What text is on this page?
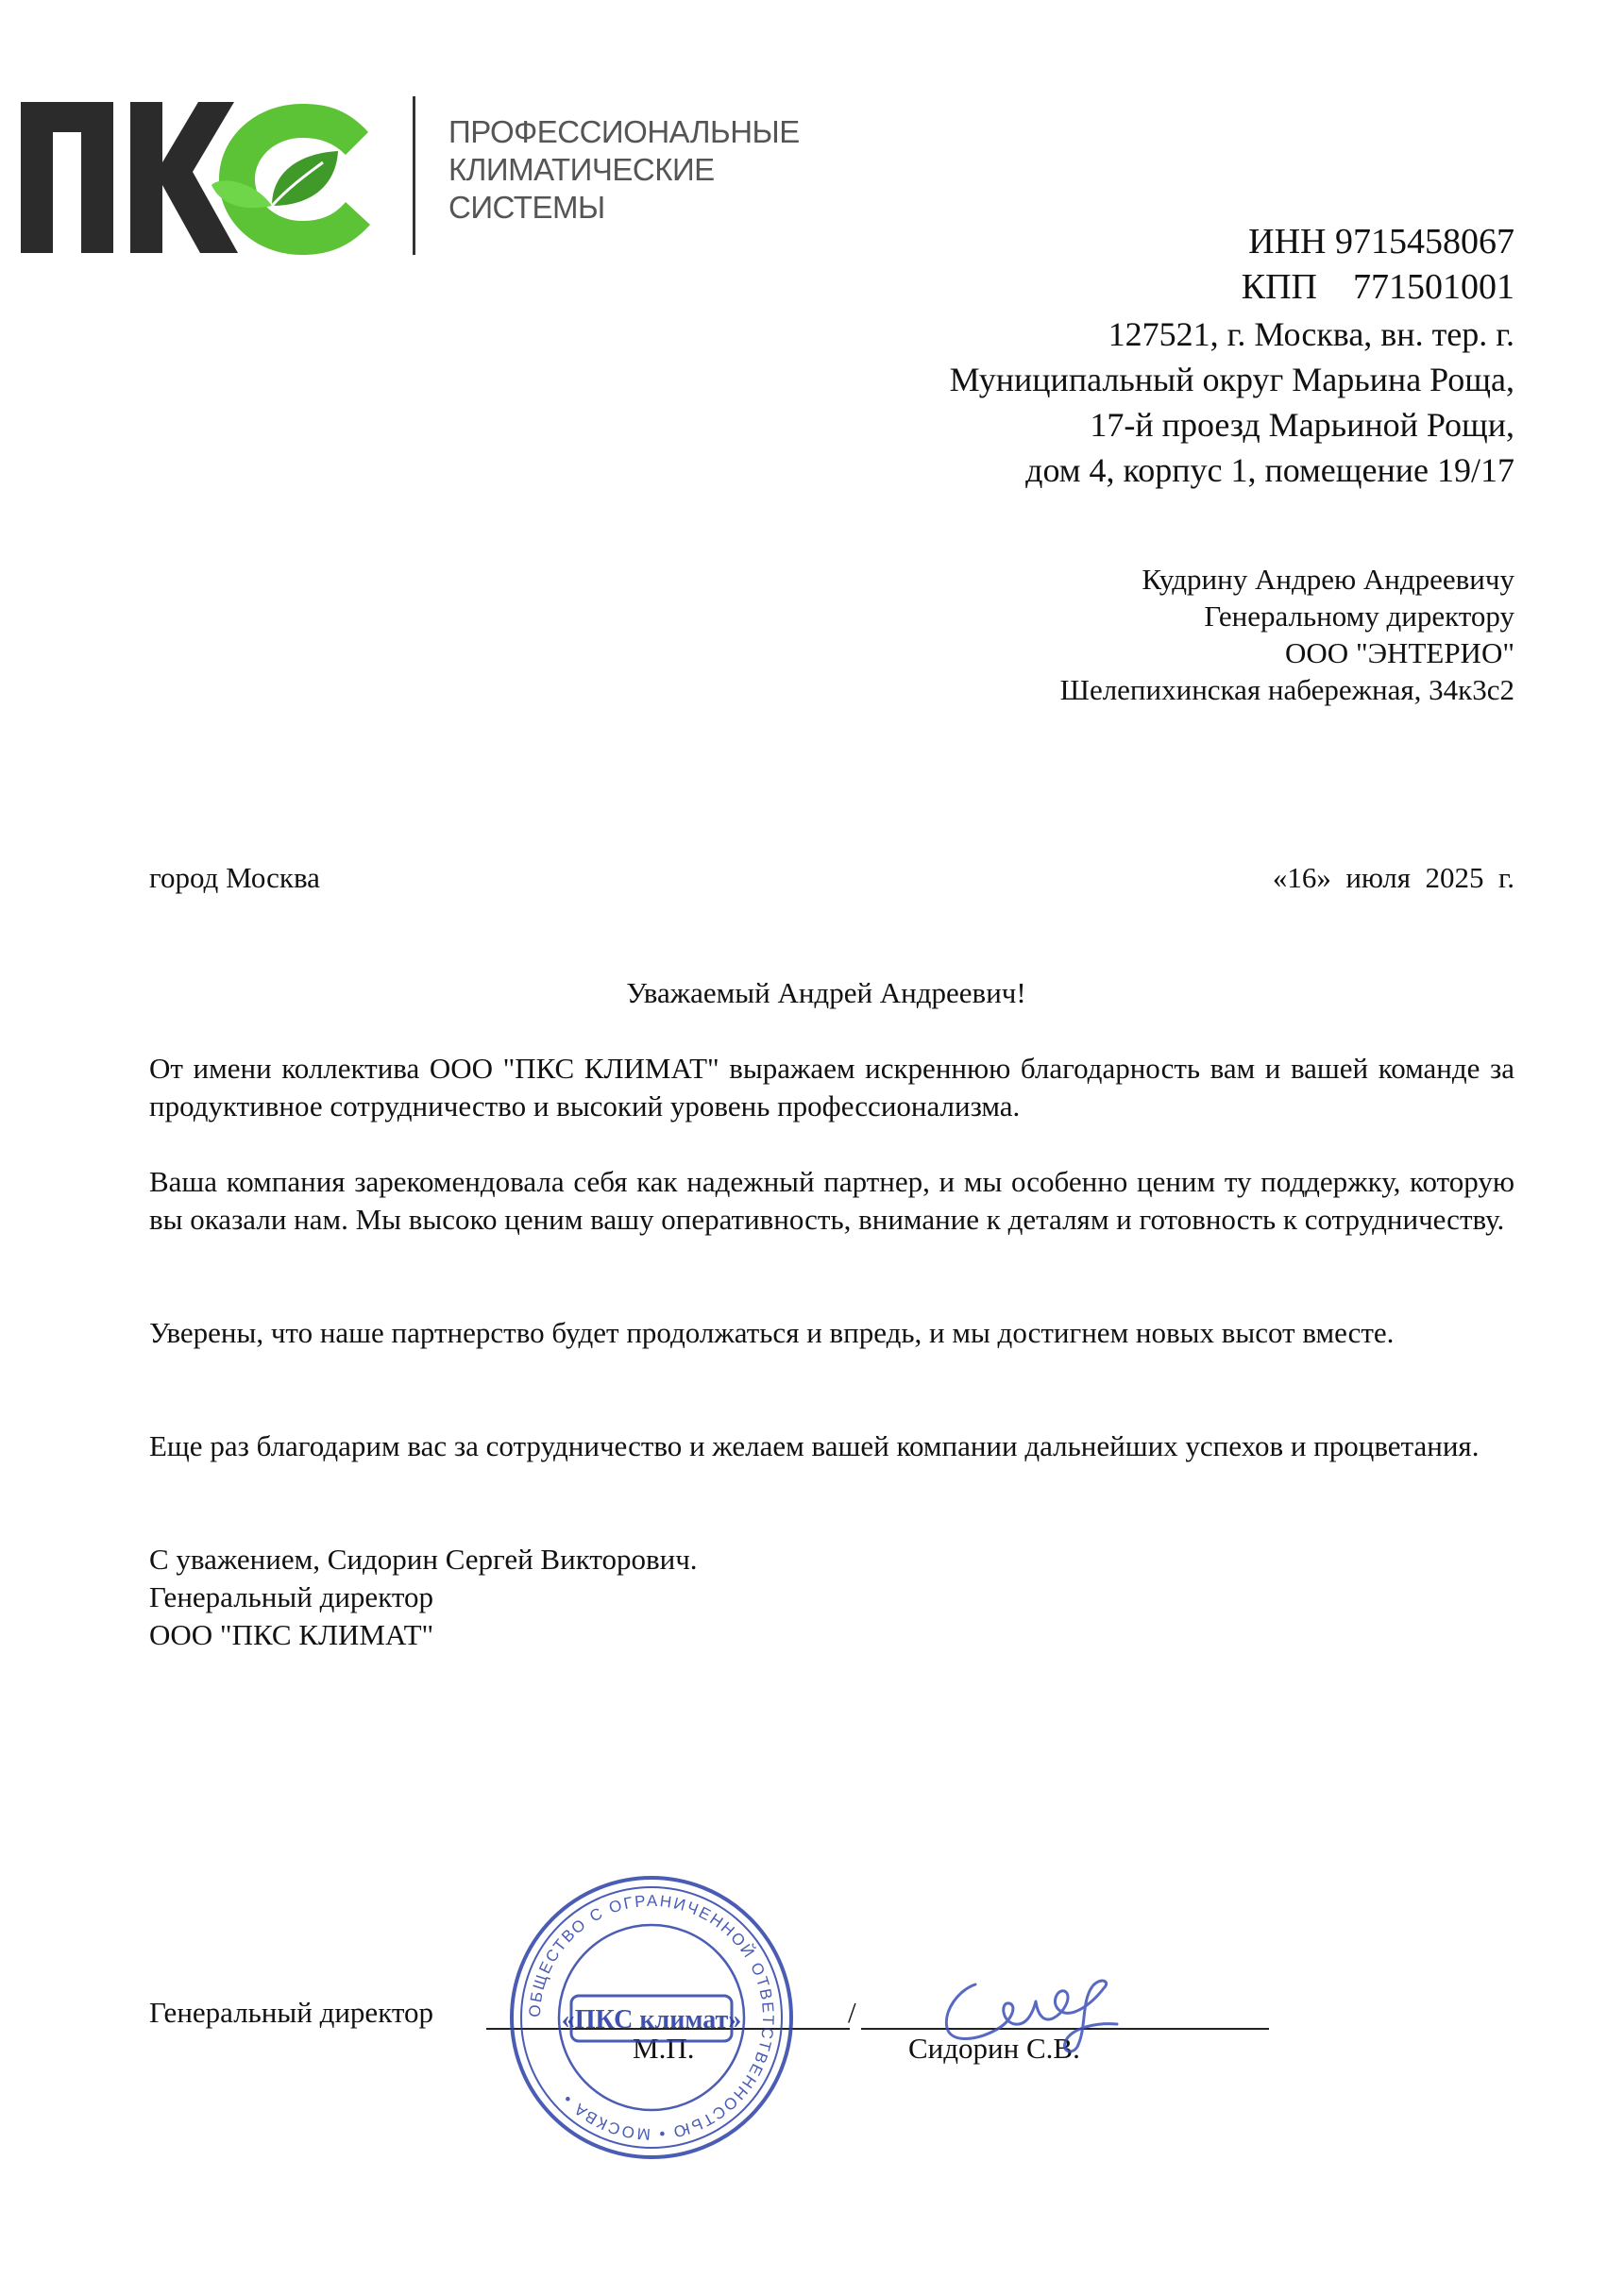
ПРОФЕССИОНАЛЬНЫЕ
КЛИМАТИЧЕСКИЕ
СИСТЕМЫ
ИНН 9715458067
КПП 771501001
127521, г. Москва, вн. тер. г.
Муниципальный округ Марьина Роща,
17-й проезд Марьиной Рощи,
дом 4, корпус 1, помещение 19/17
Кудрину Андрею Андреевичу
Генеральному директору
ООО "ЭНТЕРИО"
Шелепихинская набережная, 34к3с2
город Москва	«16» июля 2025 г.
Уважаемый Андрей Андреевич!
От имени коллектива ООО "ПКС КЛИМАТ" выражаем искреннюю благодарность вам и вашей команде за продуктивное сотрудничество и высокий уровень профессионализма.
Ваша компания зарекомендовала себя как надежный партнер, и мы особенно ценим ту поддержку, которую вы оказали нам. Мы высоко ценим вашу оперативность, внимание к деталям и готовность к сотрудничеству.
Уверены, что наше партнерство будет продолжаться и впредь, и мы достигнем новых высот вместе.
Еще раз благодарим вас за сотрудничество и желаем вашей компании дальнейших успехов и процветания.
С уважением, Сидорин Сергей Викторович.
Генеральный директор
ООО "ПКС КЛИМАТ"
Генеральный директор	/
М.П.	Сидорин С.В.
ОБЩЕСТВО С ОГРАНИЧЕННОЙ ОТВЕТСТВЕННОСТЬЮ • МОСКВА •
«ПКС климат»
